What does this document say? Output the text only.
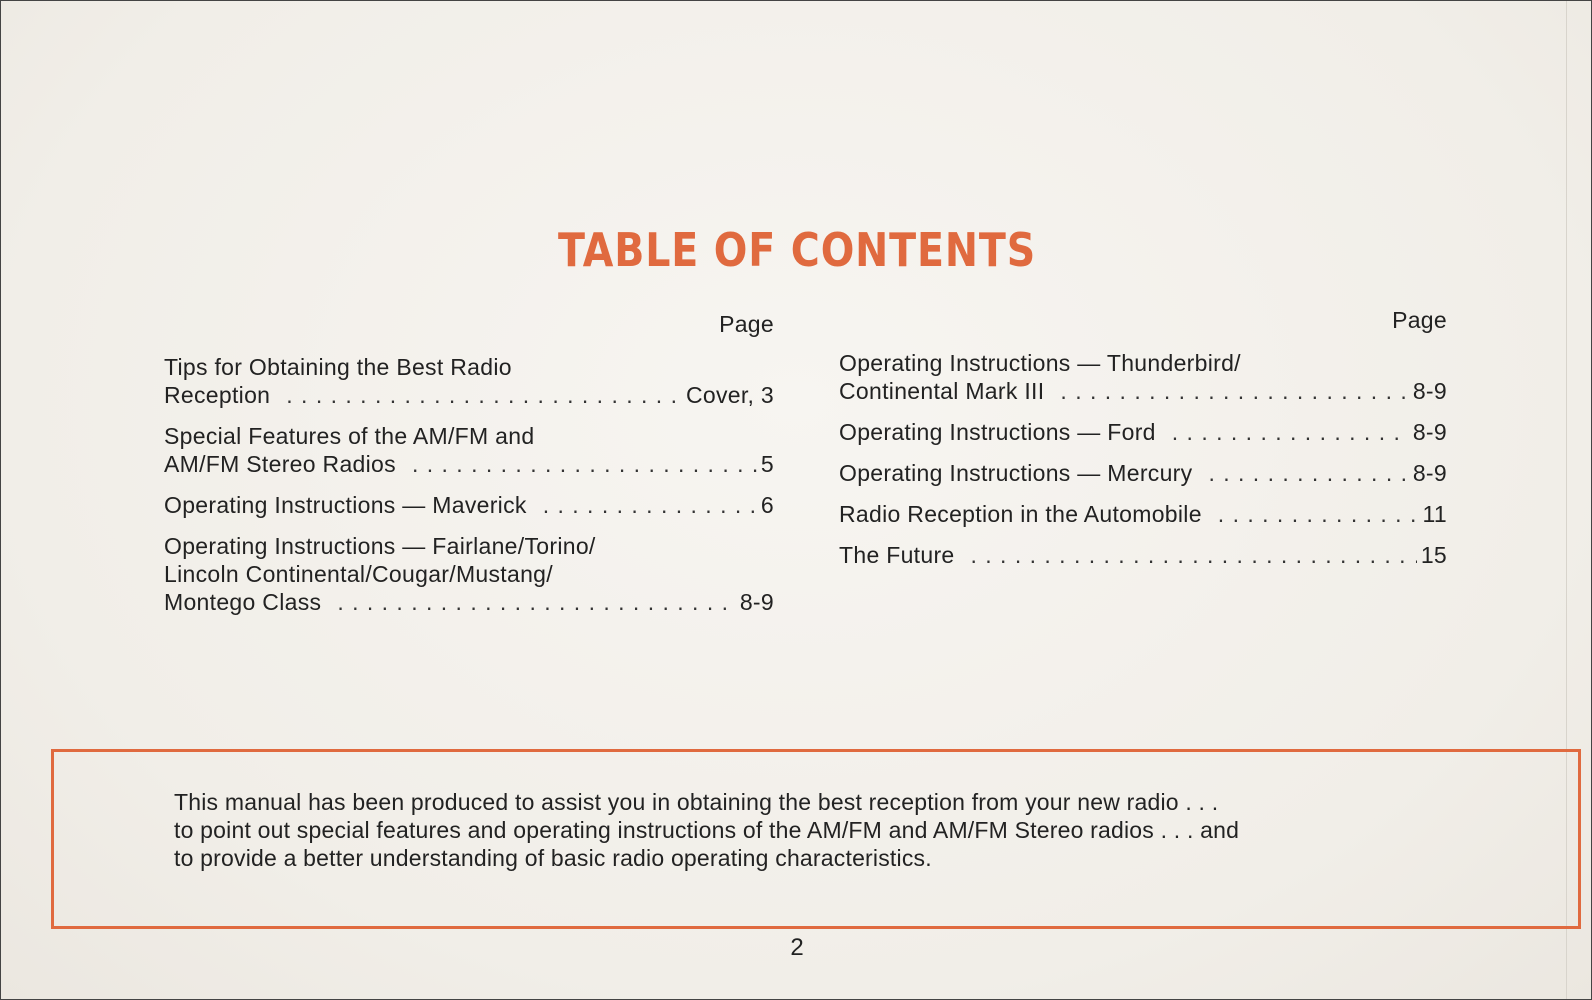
TABLE OF CONTENTS
Page
Tips for Obtaining the Best Radio
Reception . . .	Cover, 3
Special Features of the AM/FM and
AM/FM Stereo Radios . . .	5
Operating Instructions — Maverick . . .	6
Operating Instructions — Fairlane/Torino/
Lincoln Continental/Cougar/Mustang/
Montego Class . . .	8-9
Page
Operating Instructions — Thunderbird/
Continental Mark III . . .	8-9
Operating Instructions — Ford . . .	8-9
Operating Instructions — Mercury . . .	8-9
Radio Reception in the Automobile . . .	11
The Future . . .	15
This manual has been produced to assist you in obtaining the best reception from your new radio . . .
to point out special features and operating instructions of the AM/FM and AM/FM Stereo radios . . . and
to provide a better understanding of basic radio operating characteristics.
2
